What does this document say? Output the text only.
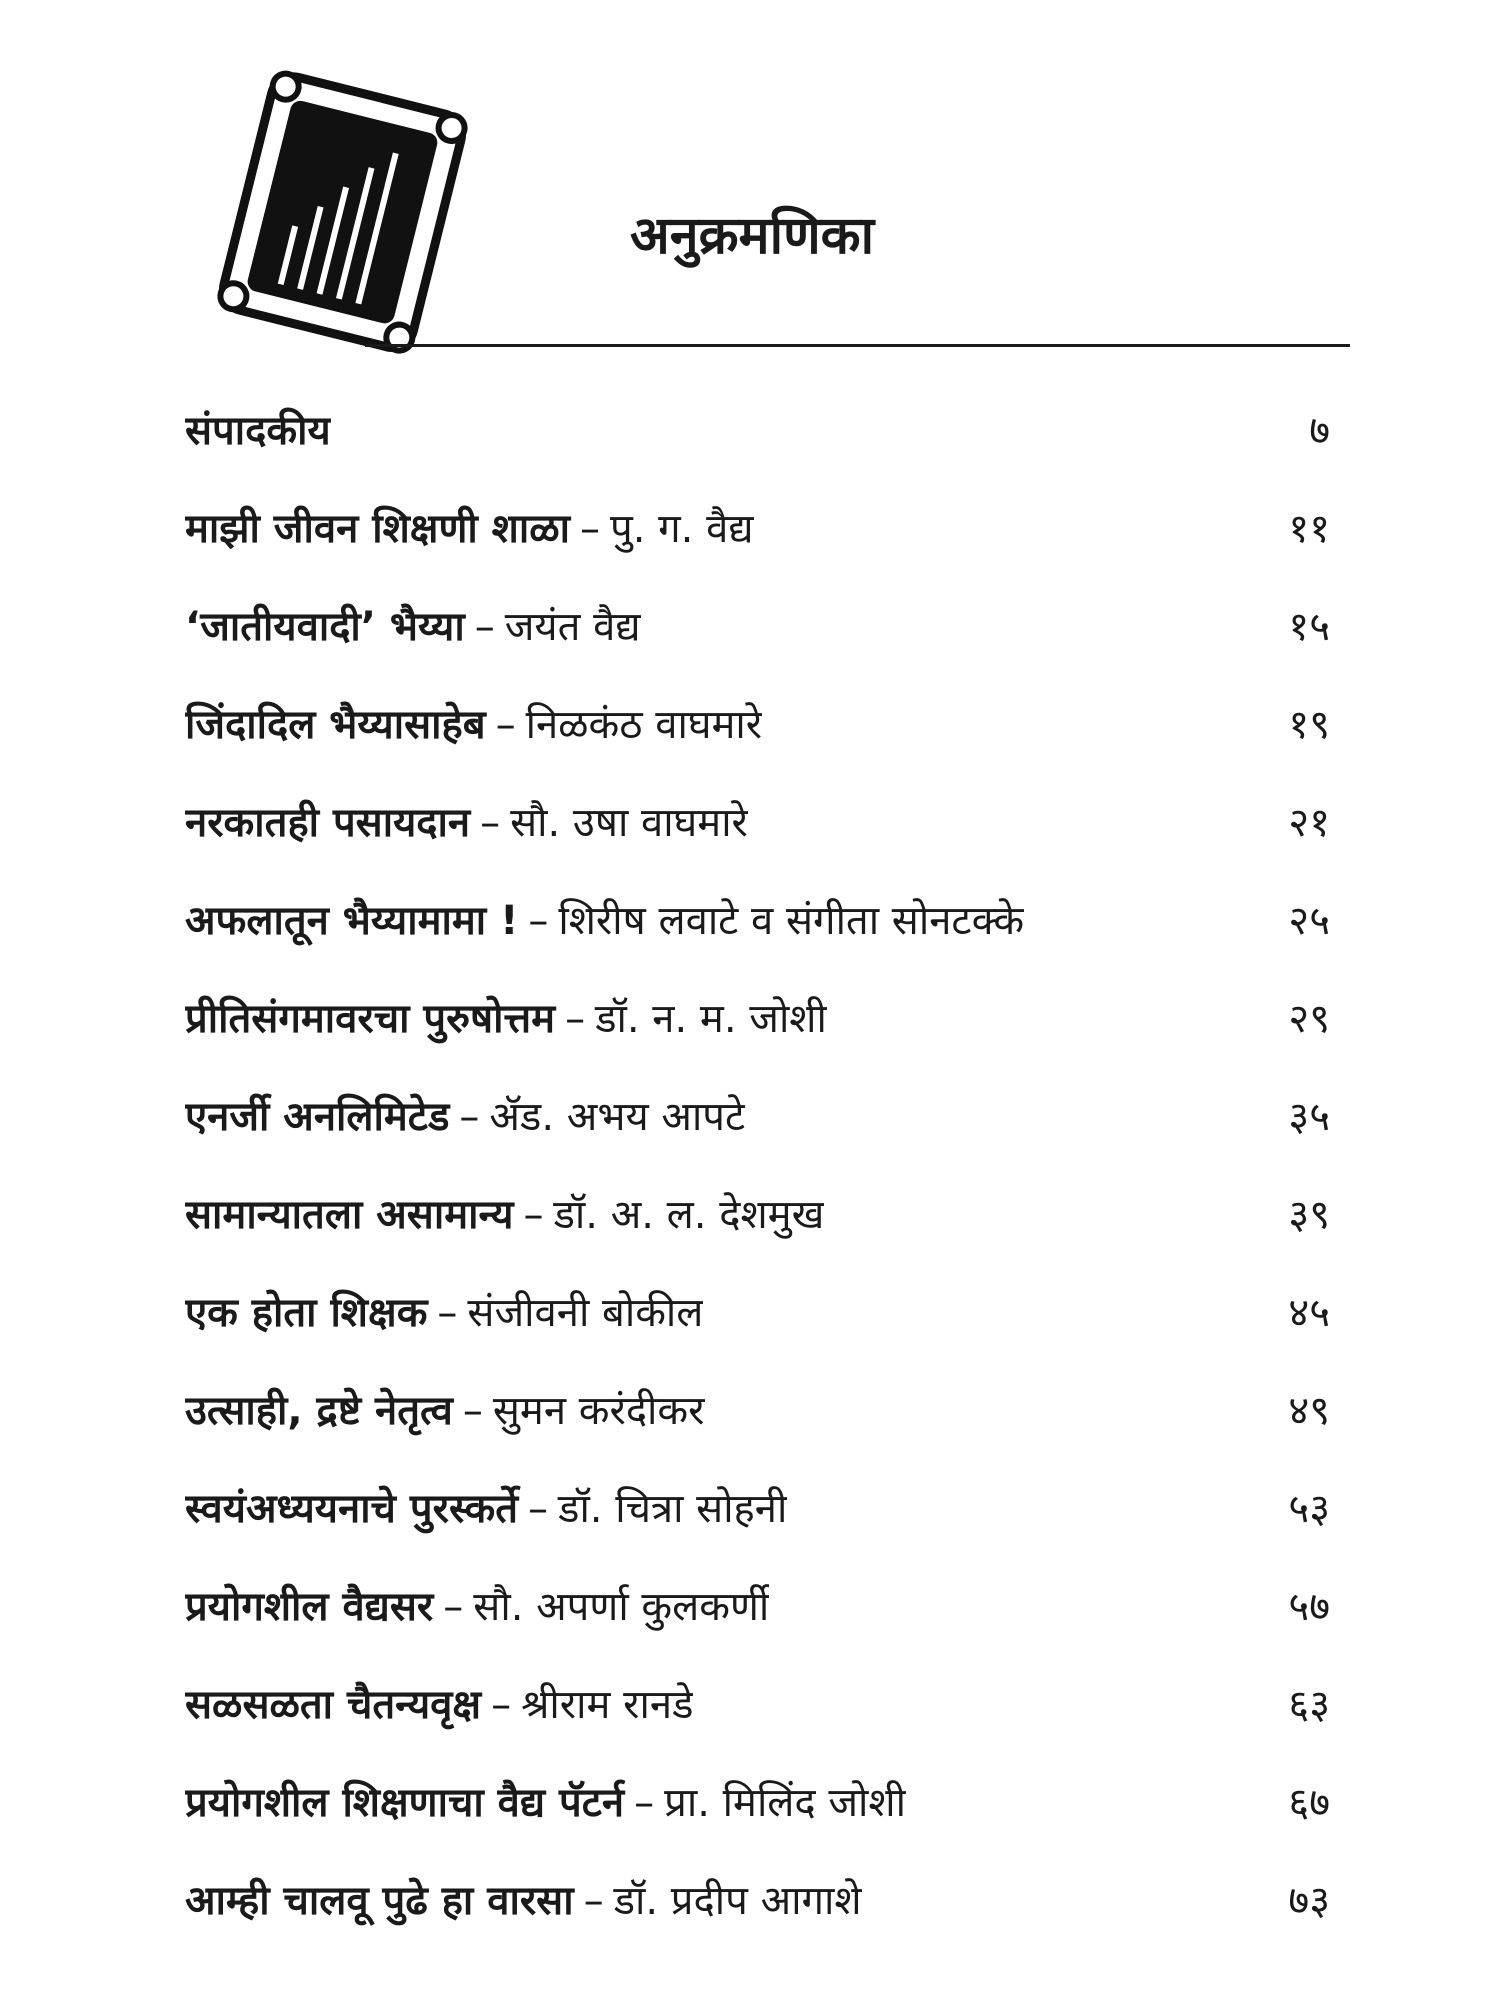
अनुक्रमणिका
संपादकीय	७
माझी जीवन शिक्षणी शाळा – पु. ग. वैद्य	११
‘जातीयवादी’ भैय्या – जयंत वैद्य	१५
जिंदादिल भैय्यासाहेब – निळकंठ वाघमारे	१९
नरकातही पसायदान – सौ. उषा वाघमारे	२१
अफलातून भैय्यामामा ! – शिरीष लवाटे व संगीता सोनटक्के	२५
प्रीतिसंगमावरचा पुरुषोत्तम – डॉ. न. म. जोशी	२९
एनर्जी अनलिमिटेड – ॲड. अभय आपटे	३५
सामान्यातला असामान्य – डॉ. अ. ल. देशमुख	३९
एक होता शिक्षक – संजीवनी बोकील	४५
उत्साही, द्रष्टे नेतृत्व – सुमन करंदीकर	४९
स्वयंअध्ययनाचे पुरस्कर्ते – डॉ. चित्रा सोहनी	५३
प्रयोगशील वैद्यसर – सौ. अपर्णा कुलकर्णी	५७
सळसळता चैतन्यवृक्ष – श्रीराम रानडे	६३
प्रयोगशील शिक्षणाचा वैद्य पॅटर्न – प्रा. मिलिंद जोशी	६७
आम्ही चालवू पुढे हा वारसा – डॉ. प्रदीप आगाशे	७३
